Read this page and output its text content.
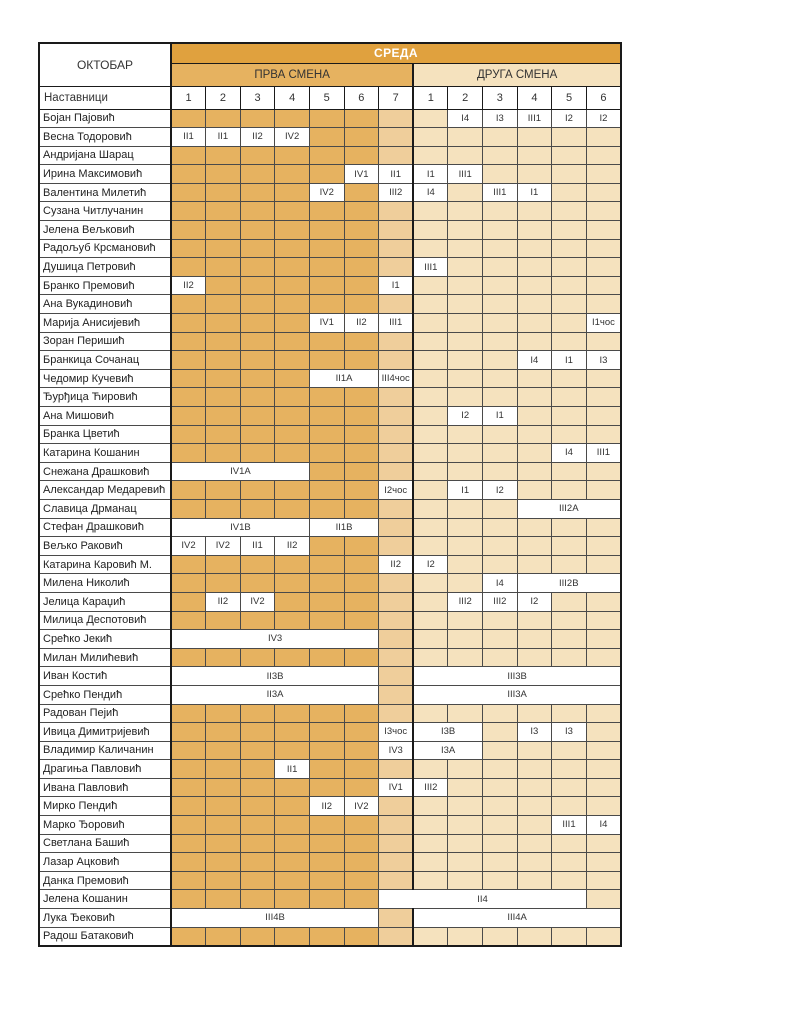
ОКТОБАР	СРЕДА												
	ПРВА СМЕНА							ДРУГА СМЕНА					
Наставници	1	2	3	4	5	6	7	1	2	3	4	5	6
Бојан Пајовић									I4	I3	III1	I2	I2
Весна Тодоровић	II1	II1	II2	IV2									
Андријана Шарац													
Ирина Максимовић						IV1	II1	I1	III1				
Валентина Милетић					IV2		III2	I4		III1	I1		
Сузана Читлучанин													
Јелена Вељковић													
Радољуб Крсмановић													
Душица Петровић								III1					
Бранко Премовић	II2						I1						
Ана Вукадиновић													
Марија Анисијевић					IV1	II2	III1						I1чос
Зоран Перишић													
Бранкица Сочанац											I4	I1	I3
Чедомир Кучевић					II1A		III4чос						
Ђурђица Ћировић													
Ана Мишовић									I2	I1			
Бранка Цветић													
Катарина Кошанин												I4	III1
Снежана Драшковић	IV1A												
Александар Медаревић							I2чос		I1	I2			
Славица Дрманац											III2A		
Стефан Драшковић	IV1B				II1B								
Вељко Раковић	IV2	IV2	II1	II2									
Катарина Каровић М.							II2	I2					
Милена Николић										I4	III2B		
Јелица Караџић		II2	IV2						III2	III2	I2		
Милица Деспотовић													
Срећко Јекић	IV3												
Милан Милићевић													
Иван Костић	II3B							III3B					
Срећко Пендић	II3A							III3A					
Радован Пејић													
Ивица Димитријевић							I3чос	I3B			I3	I3	
Владимир Каличанин							IV3	I3A					
Драгиња Павловић				II1									
Ивана Павловић							IV1	III2					
Мирко Пендић					II2	IV2							
Марко Ђоровић												III1	I4
Светлана Башић													
Лазар Ацковић													
Данка Премовић													
Јелена Кошанин							II4						
Лука Ђековић	III4B							III4A					
Радош Батаковић													
